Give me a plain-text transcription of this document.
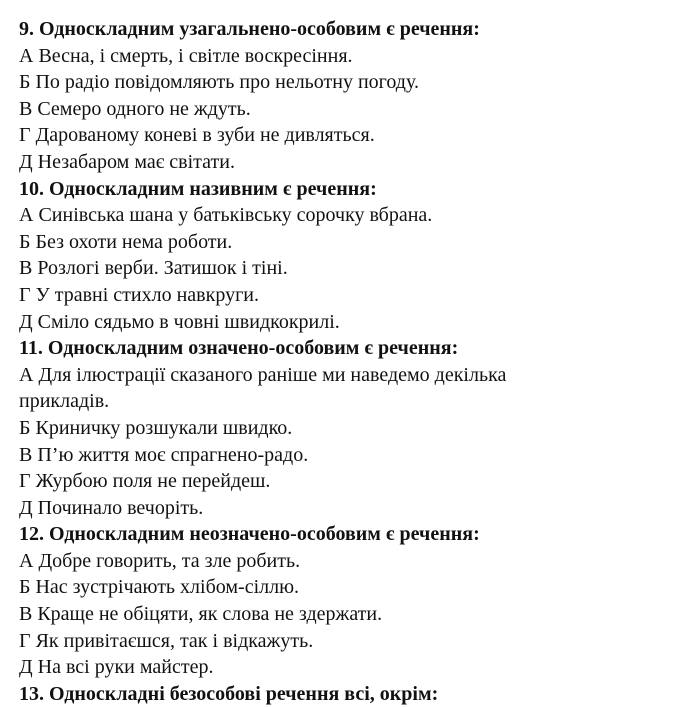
9. Односкладним узагальнено-особовим є речення:
А Весна, і смерть, і світле воскресіння.
Б По радіо повідомляють про нельотну погоду.
В Семеро одного не ждуть.
Г Дарованому коневі в зуби не дивляться.
Д Незабаром має світати.
10. Односкладним називним є речення:
А Синівська шана у батьківську сорочку вбрана.
Б Без охоти нема роботи.
В Розлогі верби. Затишок і тіні.
Г У травні стихло навкруги.
Д Сміло сядьмо в човні швидкокрилі.
11. Односкладним означено-особовим є речення:
А Для ілюстрації сказаного раніше ми наведемо декілька
прикладів.
Б Криничку розшукали швидко.
В П’ю життя моє спрагнено-радо.
Г Журбою поля не перейдеш.
Д Починало вечоріть.
12. Односкладним неозначено-особовим є речення:
А Добре говорить, та зле робить.
Б Нас зустрічають хлібом-сіллю.
В Краще не обіцяти, як слова не здержати.
Г Як привітаєшся, так і відкажуть.
Д На всі руки майстер.
13. Односкладні безособові речення всі, окрім:
